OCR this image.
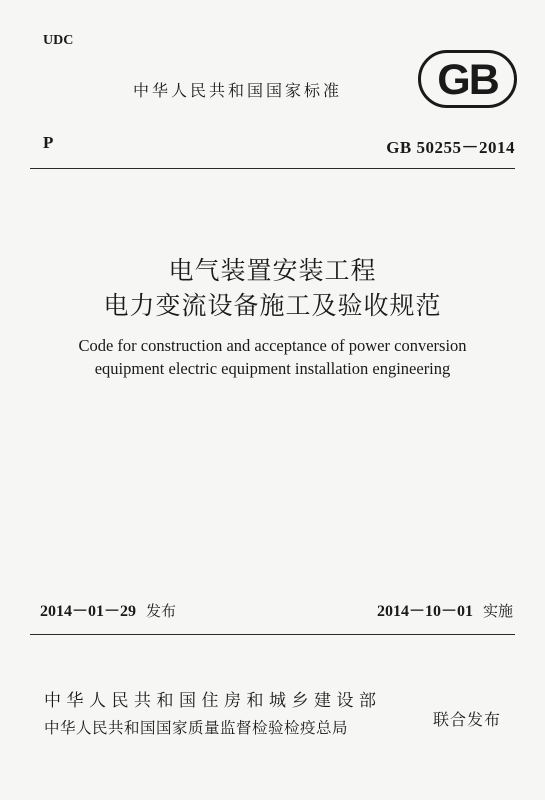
UDC
中华人民共和国国家标准 GB
P	GB 50255－2014
电气装置安装工程
电力变流设备施工及验收规范
Code for construction and acceptance of power conversion
equipment electric equipment installation engineering
2014－01－29 发布	2014－10－01 实施
中华人民共和国住房和城乡建设部
中华人民共和国国家质量监督检验检疫总局	联合发布
